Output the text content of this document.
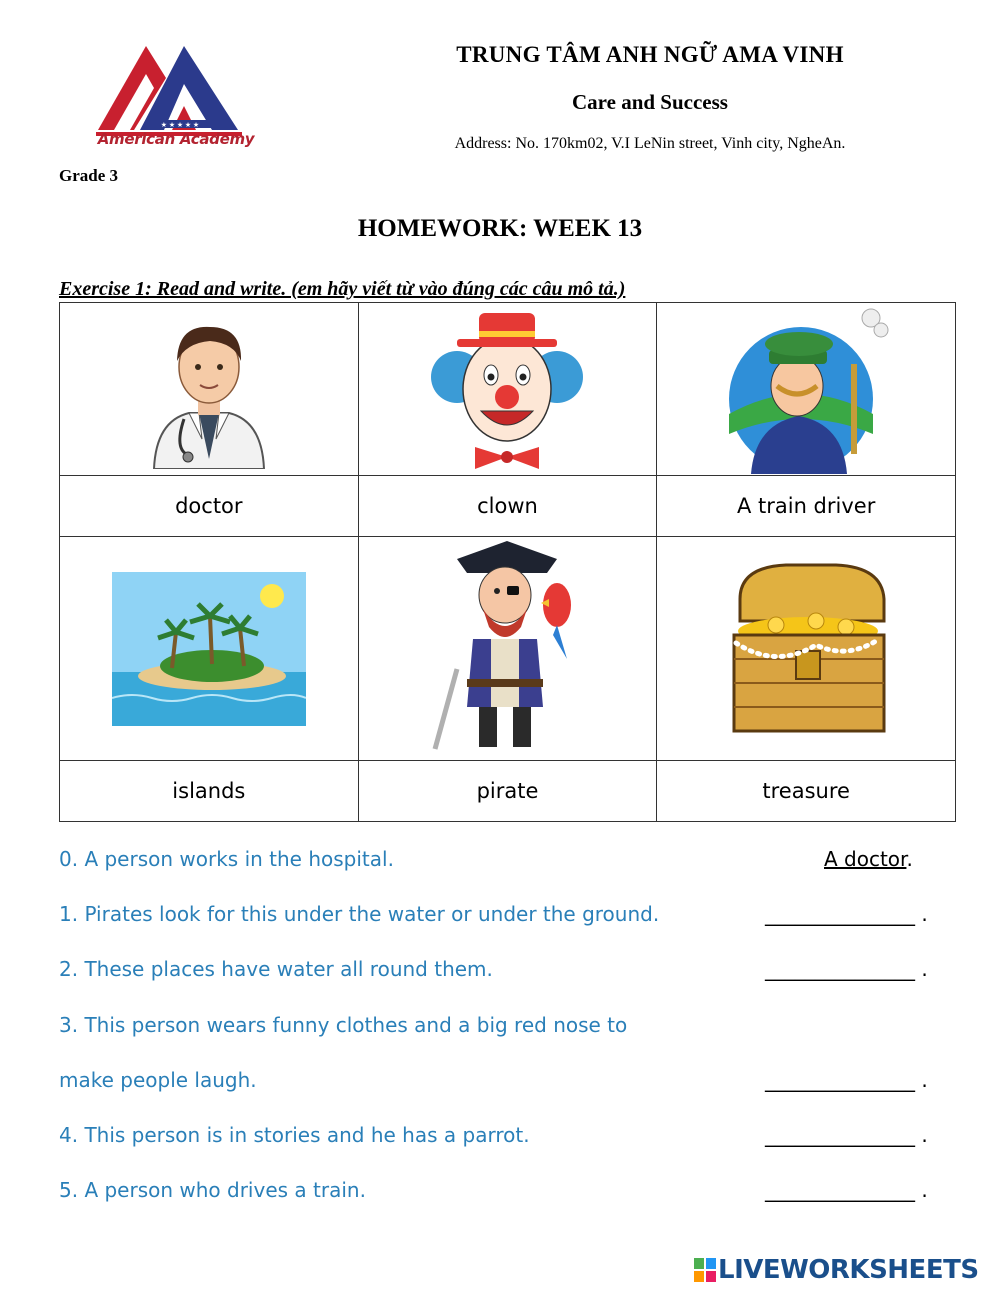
★ ★ ★ ★ ★
American Academy
TRUNG TÂM ANH NGỮ AMA VINH
Care and Success
Address: No. 170km02, V.I LeNin street, Vinh city, NgheAn.
Grade 3
HOMEWORK: WEEK 13
Exercise 1: Read and write. (em hãy viết từ vào đúng các câu mô tả.)

doctor	clown	A train driver

islands	pirate	treasure
0. A person works in the hospital.	A doctor.
1. Pirates look for this under the water or under the ground.	_______________ .
2. These places have water all round them.	_______________ .
3. This person wears funny clothes and a big red nose to
make people laugh.	_______________ .
4. This person is in stories and he has a parrot.	_______________ .
5. A person who drives a train.	_______________ .
LIVEWORKSHEETS
